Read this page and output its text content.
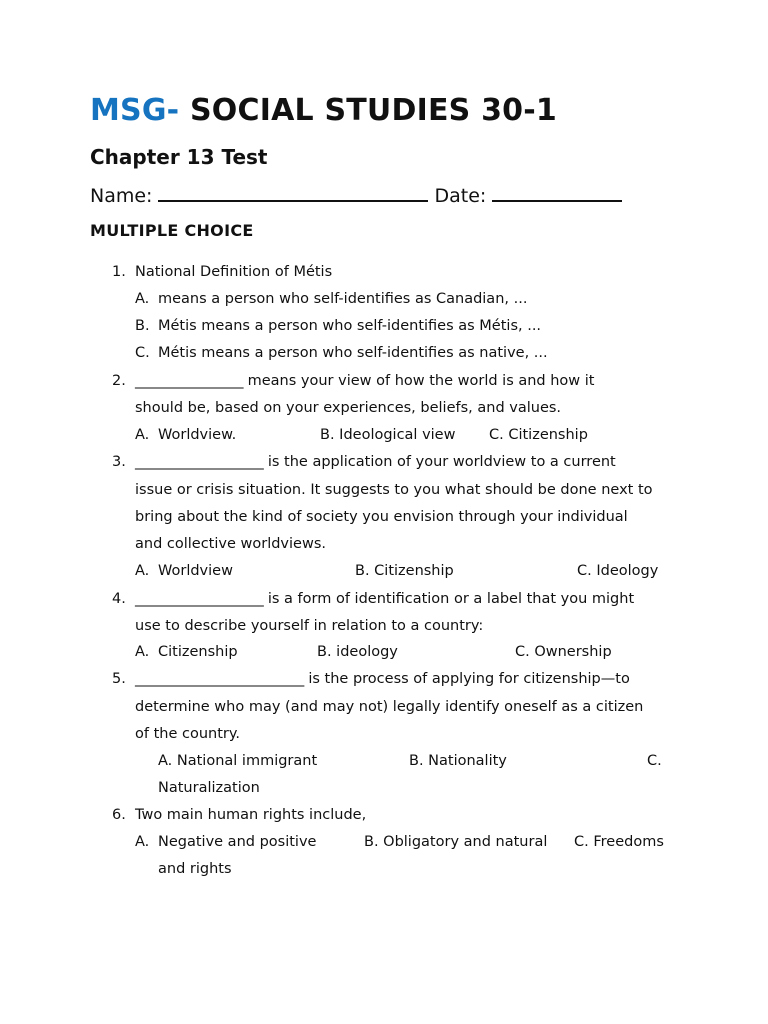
MSG- SOCIAL STUDIES 30-1
Chapter 13 Test
Name:	Date:
MULTIPLE CHOICE
1. National Definition of Métis
A. means a person who self-identifies as Canadian, ...
B. Métis means a person who self-identifies as Métis, ...
C. Métis means a person who self-identifies as native, ...
2. ________________ means your view of how the world is and how it
should be, based on your experiences, beliefs, and values.
A. Worldview.	B. Ideological view C. Citizenship
3. ___________________ is the application of your worldview to a current
issue or crisis situation. It suggests to you what should be done next to
bring about the kind of society you envision through your individual
and collective worldviews.
A. Worldview	B. Citizenship	C. Ideology
4. ___________________ is a form of identification or a label that you might
use to describe yourself in relation to a country:
A. Citizenship	B. ideology	C. Ownership
5. _________________________ is the process of applying for citizenship—to
determine who may (and may not) legally identify oneself as a citizen
of the country.
A. National immigrant	B. Nationality	C.
Naturalization
6. Two main human rights include,
A. Negative and positive	B. Obligatory and natural C. Freedoms
and rights
